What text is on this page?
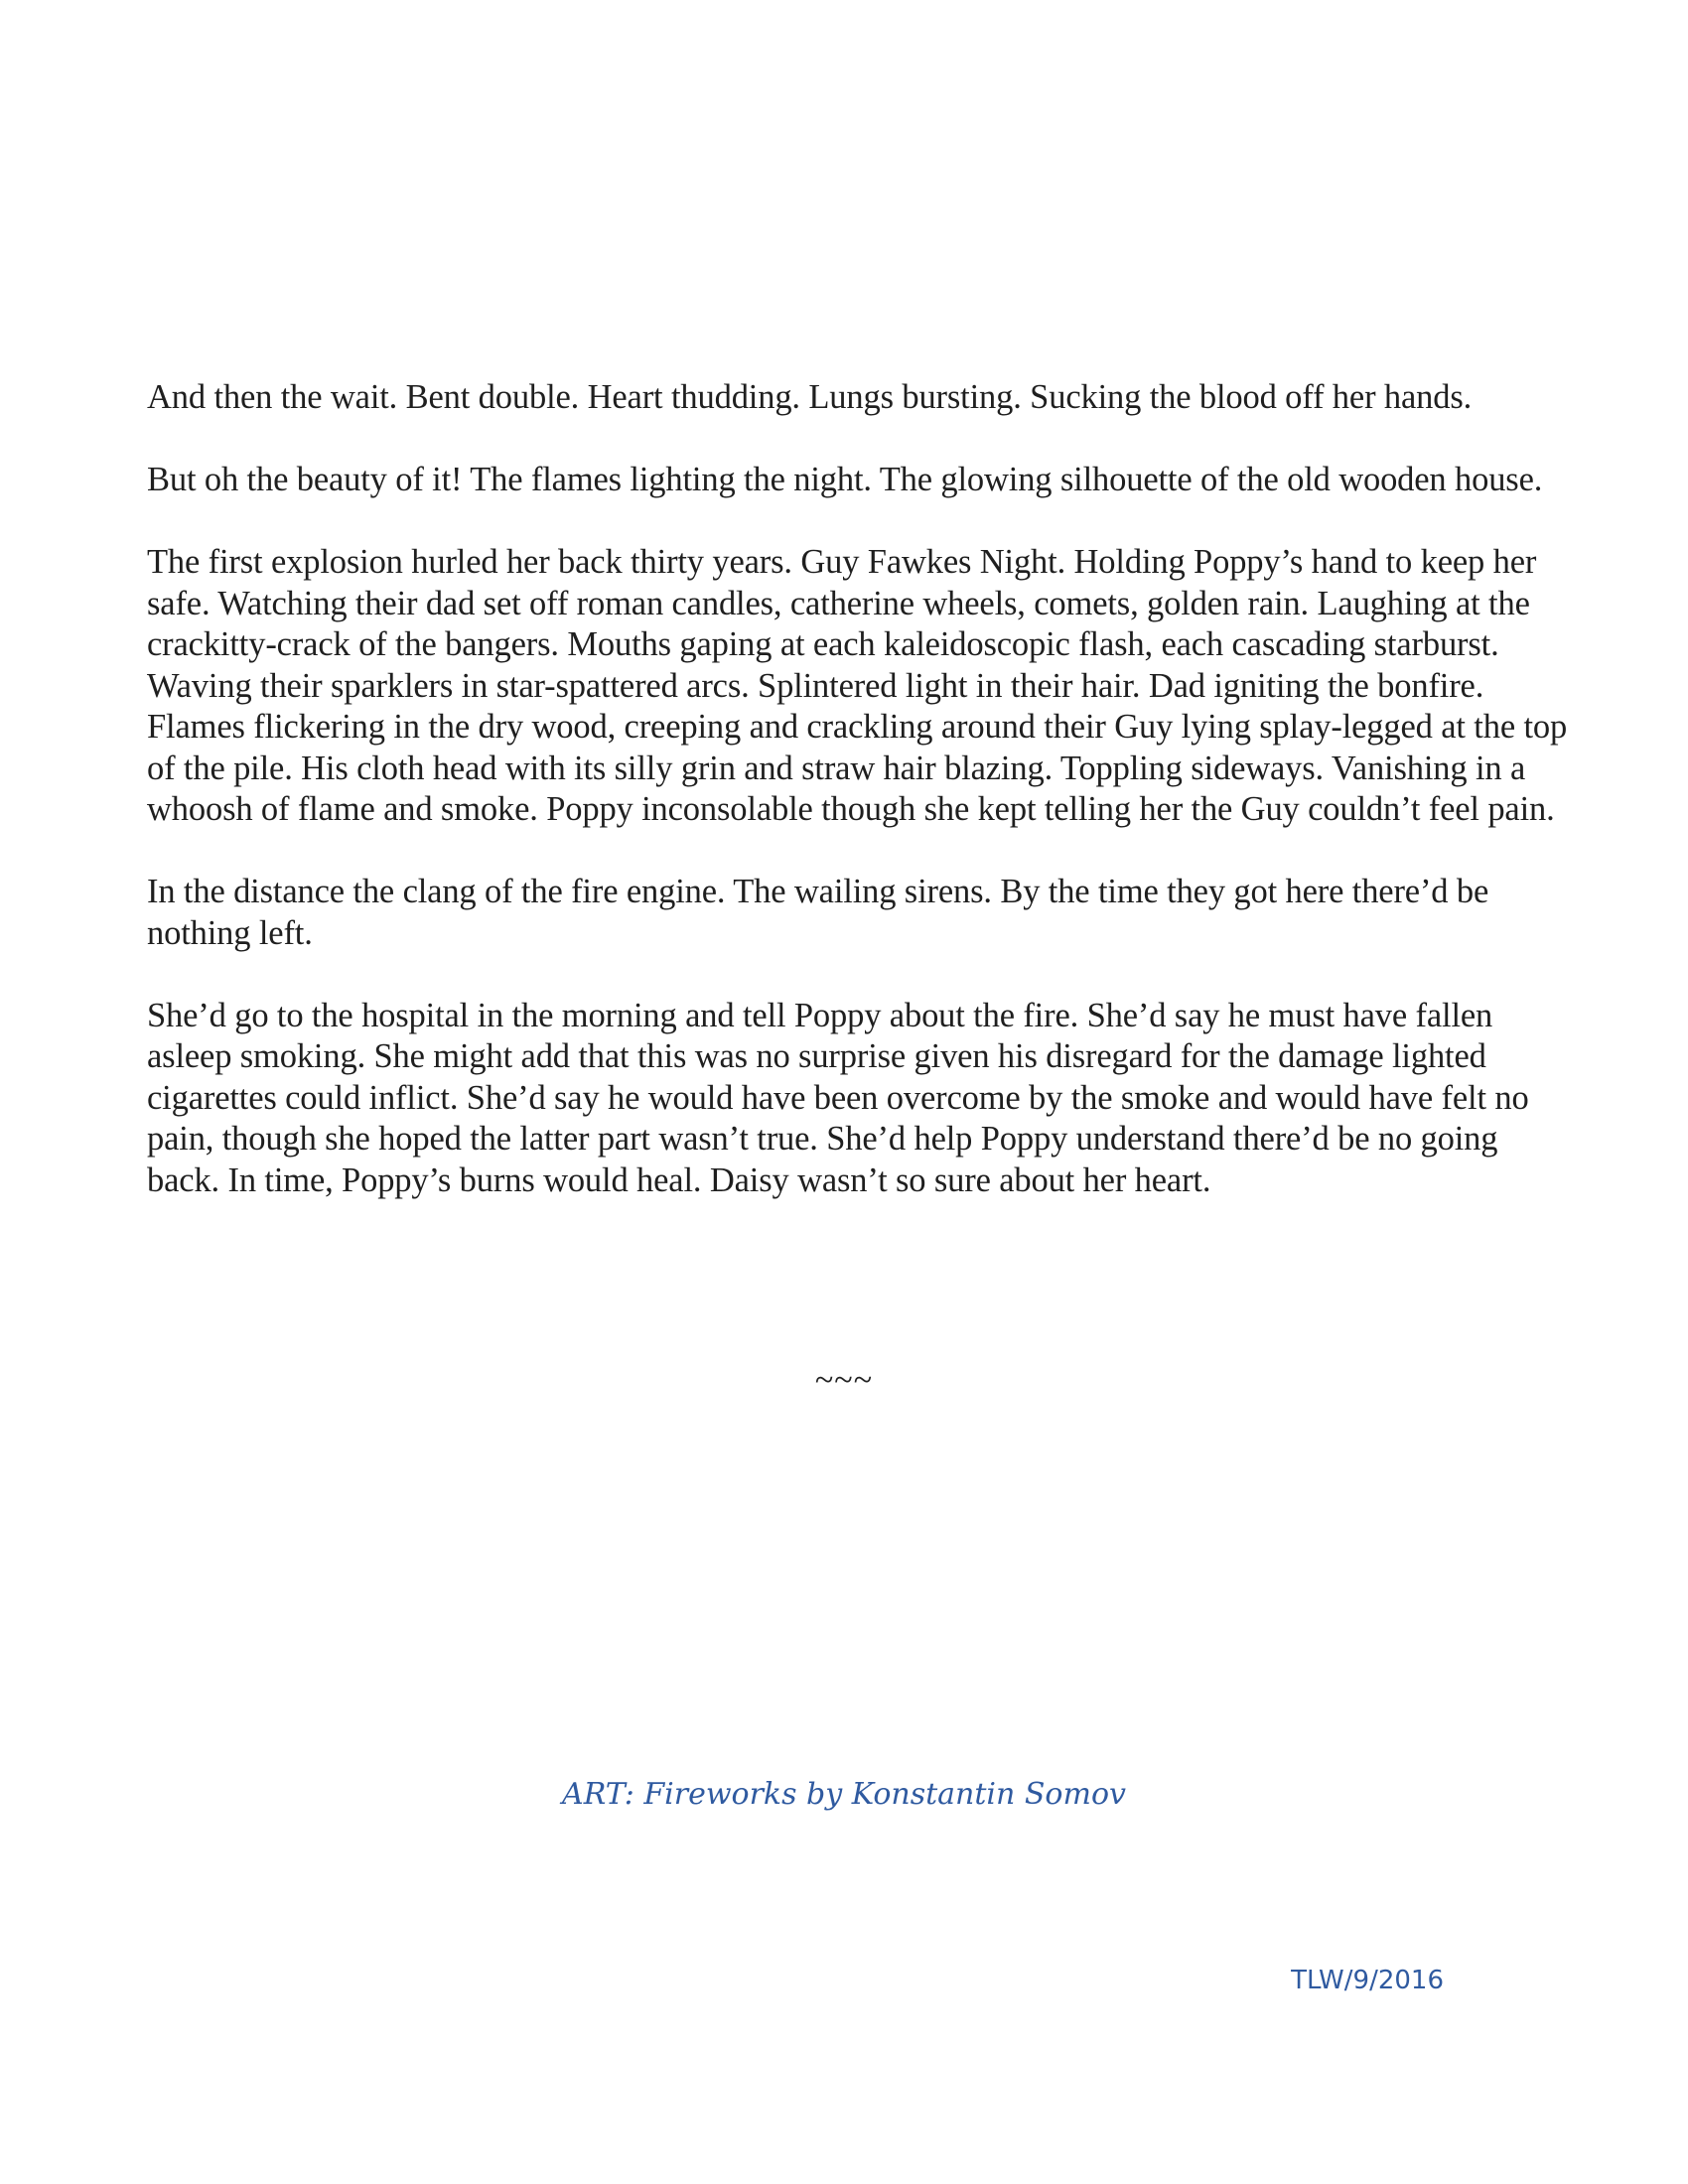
And then the wait. Bent double. Heart thudding. Lungs bursting. Sucking the blood off her hands.

But oh the beauty of it! The flames lighting the night. The glowing silhouette of the old wooden house.

The first explosion hurled her back thirty years. Guy Fawkes Night. Holding Poppy’s hand to keep her safe. Watching their dad set off roman candles, catherine wheels, comets, golden rain. Laughing at the crackitty-crack of the bangers. Mouths gaping at each kaleidoscopic flash, each cascading starburst. Waving their sparklers in star-spattered arcs. Splintered light in their hair. Dad igniting the bonfire. Flames flickering in the dry wood, creeping and crackling around their Guy lying splay-legged at the top of the pile. His cloth head with its silly grin and straw hair blazing. Toppling sideways. Vanishing in a whoosh of flame and smoke. Poppy inconsolable though she kept telling her the Guy couldn’t feel pain.

In the distance the clang of the fire engine. The wailing sirens. By the time they got here there’d be nothing left.

She’d go to the hospital in the morning and tell Poppy about the fire. She’d say he must have fallen asleep smoking. She might add that this was no surprise given his disregard for the damage lighted cigarettes could inflict. She’d say he would have been overcome by the smoke and would have felt no pain, though she hoped the latter part wasn’t true. She’d help Poppy understand there’d be no going back. In time, Poppy’s burns would heal. Daisy wasn’t so sure about her heart.

~~~
ART: Fireworks by Konstantin Somov
TLW/9/2016
